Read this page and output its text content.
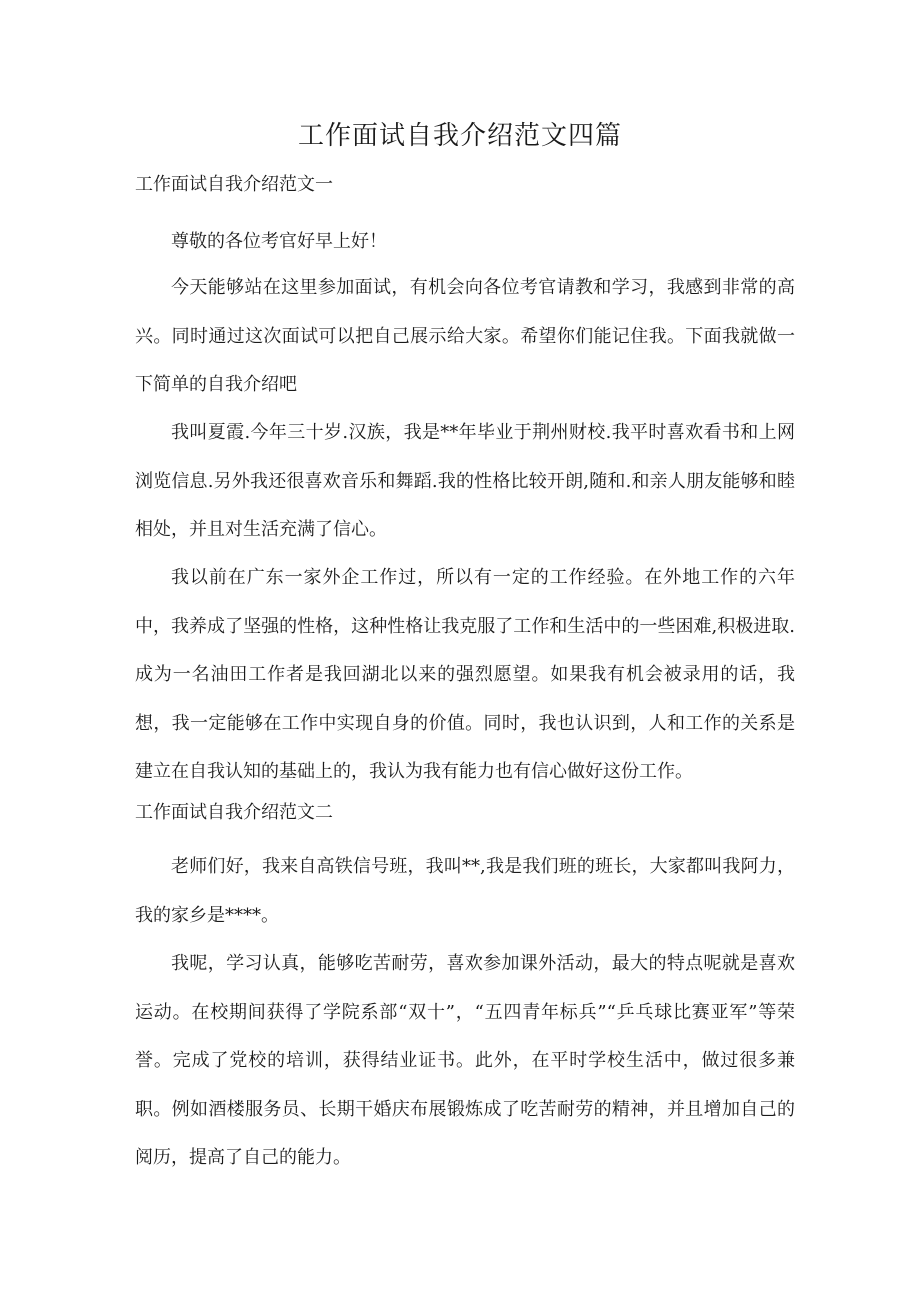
工作面试自我介绍范文四篇
工作面试自我介绍范文一

尊敬的各位考官好早上好！

今天能够站在这里参加面试，有机会向各位考官请教和学习，我感到非常的高兴。同时通过这次面试可以把自己展示给大家。希望你们能记住我。下面我就做一下简单的自我介绍吧

我叫夏霞.今年三十岁.汉族，我是**年毕业于荆州财校.我平时喜欢看书和上网浏览信息.另外我还很喜欢音乐和舞蹈.我的性格比较开朗,随和.和亲人朋友能够和睦相处，并且对生活充满了信心。

我以前在广东一家外企工作过，所以有一定的工作经验。在外地工作的六年中，我养成了坚强的性格，这种性格让我克服了工作和生活中的一些困难,积极进取.成为一名油田工作者是我回湖北以来的强烈愿望。如果我有机会被录用的话，我想，我一定能够在工作中实现自身的价值。同时，我也认识到，人和工作的关系是建立在自我认知的基础上的，我认为我有能力也有信心做好这份工作。

工作面试自我介绍范文二

老师们好，我来自高铁信号班，我叫**,我是我们班的班长，大家都叫我阿力，我的家乡是****。

我呢，学习认真，能够吃苦耐劳，喜欢参加课外活动，最大的特点呢就是喜欢运动。在校期间获得了学院系部“双十”，“五四青年标兵”“乒乓球比赛亚军”等荣誉。完成了党校的培训，获得结业证书。此外，在平时学校生活中，做过很多兼职。例如酒楼服务员、长期干婚庆布展锻炼成了吃苦耐劳的精神，并且增加自己的阅历，提高了自己的能力。
